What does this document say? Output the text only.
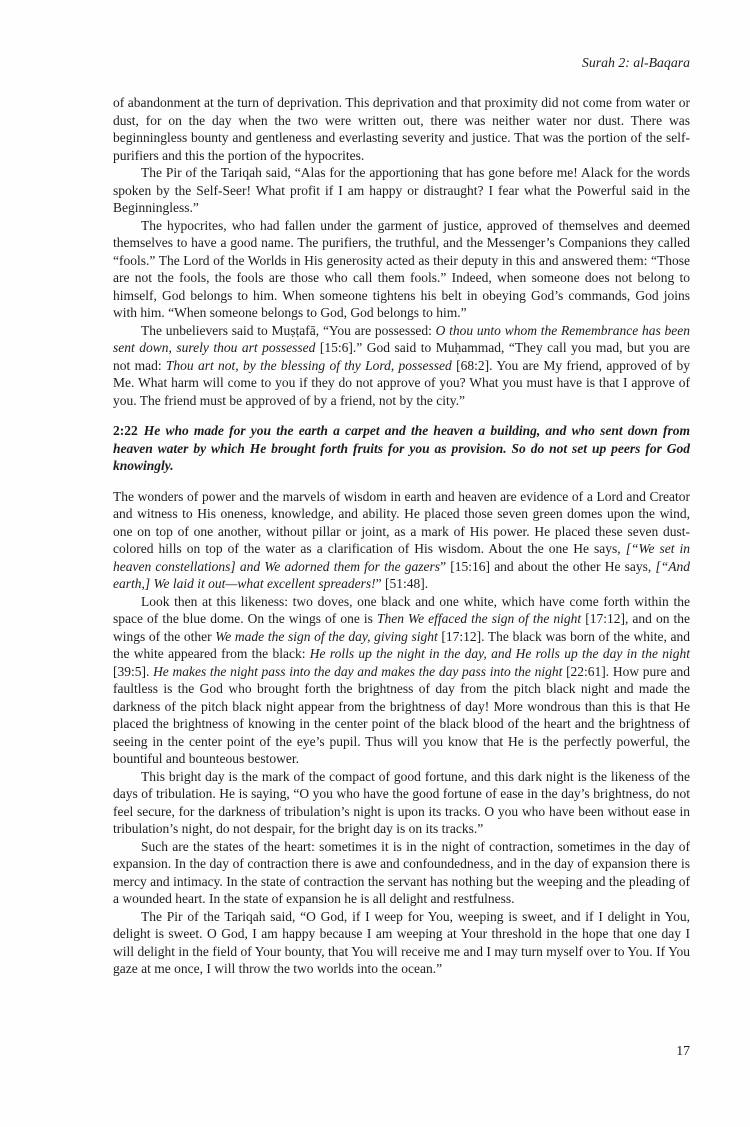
Surah 2: al-Baqara

of abandonment at the turn of deprivation. This deprivation and that proximity did not come from water or dust, for on the day when the two were written out, there was neither water nor dust. There was beginningless bounty and gentleness and everlasting severity and justice. That was the portion of the self-purifiers and this the portion of the hypocrites.

The Pir of the Tariqah said, “Alas for the apportioning that has gone before me! Alack for the words spoken by the Self-Seer! What profit if I am happy or distraught? I fear what the Powerful said in the Beginningless.”

The hypocrites, who had fallen under the garment of justice, approved of themselves and deemed themselves to have a good name. The purifiers, the truthful, and the Messenger’s Companions they called “fools.” The Lord of the Worlds in His generosity acted as their deputy in this and answered them: “Those are not the fools, the fools are those who call them fools.” Indeed, when someone does not belong to himself, God belongs to him. When someone tightens his belt in obeying God’s commands, God joins with him. “When someone belongs to God, God belongs to him.”

The unbelievers said to Muṣṭafā, “You are possessed: O thou unto whom the Remembrance has been sent down, surely thou art possessed [15:6].” God said to Muḥammad, “They call you mad, but you are not mad: Thou art not, by the blessing of thy Lord, possessed [68:2]. You are My friend, approved of by Me. What harm will come to you if they do not approve of you? What you must have is that I approve of you. The friend must be approved of by a friend, not by the city.”

2:22 He who made for you the earth a carpet and the heaven a building, and who sent down from heaven water by which He brought forth fruits for you as provision. So do not set up peers for God knowingly.

The wonders of power and the marvels of wisdom in earth and heaven are evidence of a Lord and Creator and witness to His oneness, knowledge, and ability. He placed those seven green domes upon the wind, one on top of one another, without pillar or joint, as a mark of His power. He placed these seven dust-colored hills on top of the water as a clarification of His wisdom. About the one He says, [“We set in heaven constellations] and We adorned them for the gazers” [15:16] and about the other He says, [“And earth,] We laid it out—what excellent spreaders!” [51:48].

Look then at this likeness: two doves, one black and one white, which have come forth within the space of the blue dome. On the wings of one is Then We effaced the sign of the night [17:12], and on the wings of the other We made the sign of the day, giving sight [17:12]. The black was born of the white, and the white appeared from the black: He rolls up the night in the day, and He rolls up the day in the night [39:5]. He makes the night pass into the day and makes the day pass into the night [22:61]. How pure and faultless is the God who brought forth the brightness of day from the pitch black night and made the darkness of the pitch black night appear from the brightness of day! More wondrous than this is that He placed the brightness of knowing in the center point of the black blood of the heart and the brightness of seeing in the center point of the eye’s pupil. Thus will you know that He is the perfectly powerful, the bountiful and bounteous bestower.

This bright day is the mark of the compact of good fortune, and this dark night is the likeness of the days of tribulation. He is saying, “O you who have the good fortune of ease in the day’s brightness, do not feel secure, for the darkness of tribulation’s night is upon its tracks. O you who have been without ease in tribulation’s night, do not despair, for the bright day is on its tracks.”

Such are the states of the heart: sometimes it is in the night of contraction, sometimes in the day of expansion. In the day of contraction there is awe and confoundedness, and in the day of expansion there is mercy and intimacy. In the state of contraction the servant has nothing but the weeping and the pleading of a wounded heart. In the state of expansion he is all delight and restfulness.

The Pir of the Tariqah said, “O God, if I weep for You, weeping is sweet, and if I delight in You, delight is sweet. O God, I am happy because I am weeping at Your threshold in the hope that one day I will delight in the field of Your bounty, that You will receive me and I may turn myself over to You. If You gaze at me once, I will throw the two worlds into the ocean.”

17
